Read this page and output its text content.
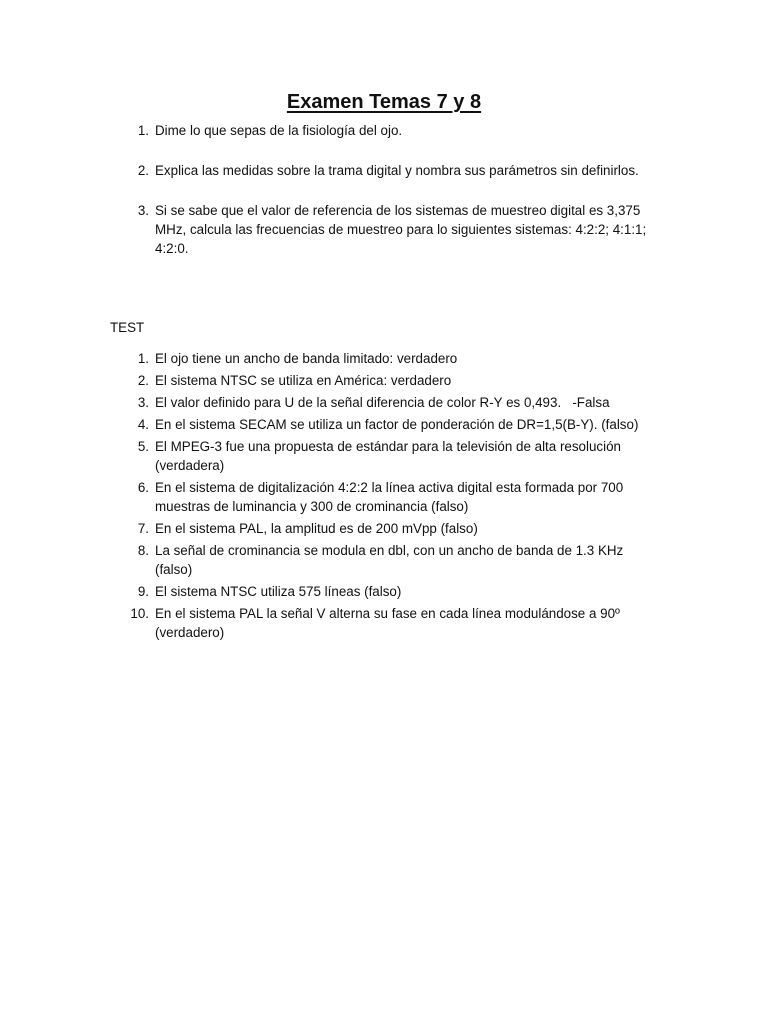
Examen Temas 7 y 8
1. Dime lo que sepas de la fisiología del ojo.
2. Explica las medidas sobre la trama digital y nombra sus parámetros sin definirlos.
3. Si se sabe que el valor de referencia de los sistemas de muestreo digital es 3,375 MHz, calcula las frecuencias de muestreo para lo siguientes sistemas: 4:2:2; 4:1:1; 4:2:0.
TEST
1. El ojo tiene un ancho de banda limitado: verdadero
2. El sistema NTSC se utiliza en América: verdadero
3. El valor definido para U de la señal diferencia de color R-Y es 0,493.   -Falsa
4. En el sistema SECAM se utiliza un factor de ponderación de DR=1,5(B-Y). (falso)
5. El MPEG-3 fue una propuesta de estándar para la televisión de alta resolución (verdadera)
6. En el sistema de digitalización 4:2:2 la línea activa digital esta formada por 700 muestras de luminancia y 300 de crominancia (falso)
7. En el sistema PAL, la amplitud es de 200 mVpp (falso)
8. La señal de crominancia se modula en dbl, con un ancho de banda de 1.3 KHz (falso)
9. El sistema NTSC utiliza 575 líneas (falso)
10. En el sistema PAL la señal V alterna su fase en cada línea modulándose a 90º (verdadero)
